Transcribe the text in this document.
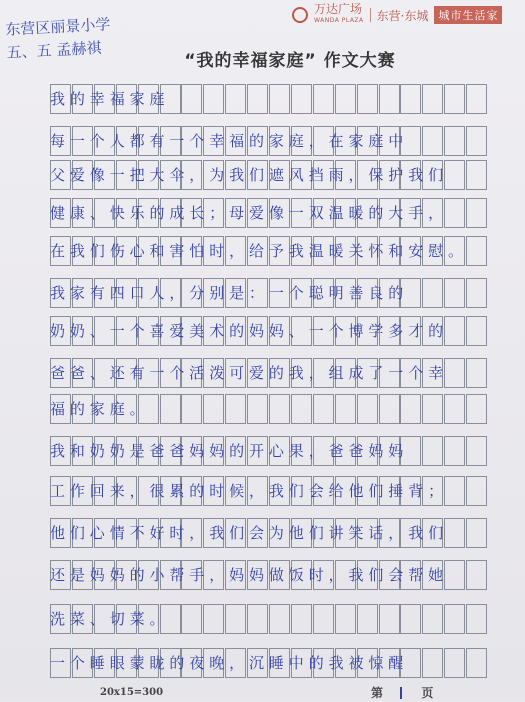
东营区丽景小学
五、五 孟赫祺
万达广场
WANDA PLAZA 东营·东城 城市生活家
“我的幸福家庭” 作文大赛
我的幸福家庭
每一个人都有一个幸福的家庭，在家庭中
父爱像一把大伞，为我们遮风挡雨，保护我们
健康、快乐的成长；母爱像一双温暖的大手，
在我们伤心和害怕时，给予我温暖关怀和安慰。
我家有四口人，分别是：一个聪明善良的
奶奶、一个喜爱美术的妈妈、一个博学多才的
爸爸、还有一个活泼可爱的我，组成了一个幸
福的家庭。
我和奶奶是爸爸妈妈的开心果，爸爸妈妈
工作回来，很累的时候，我们会给他们捶背；
他们心情不好时，我们会为他们讲笑话，我们
还是妈妈的小帮手，妈妈做饭时，我们会帮她
洗菜、切菜。
一个睡眼蒙眬的夜晚，沉睡中的我被惊醒
20x15=300	第	页
